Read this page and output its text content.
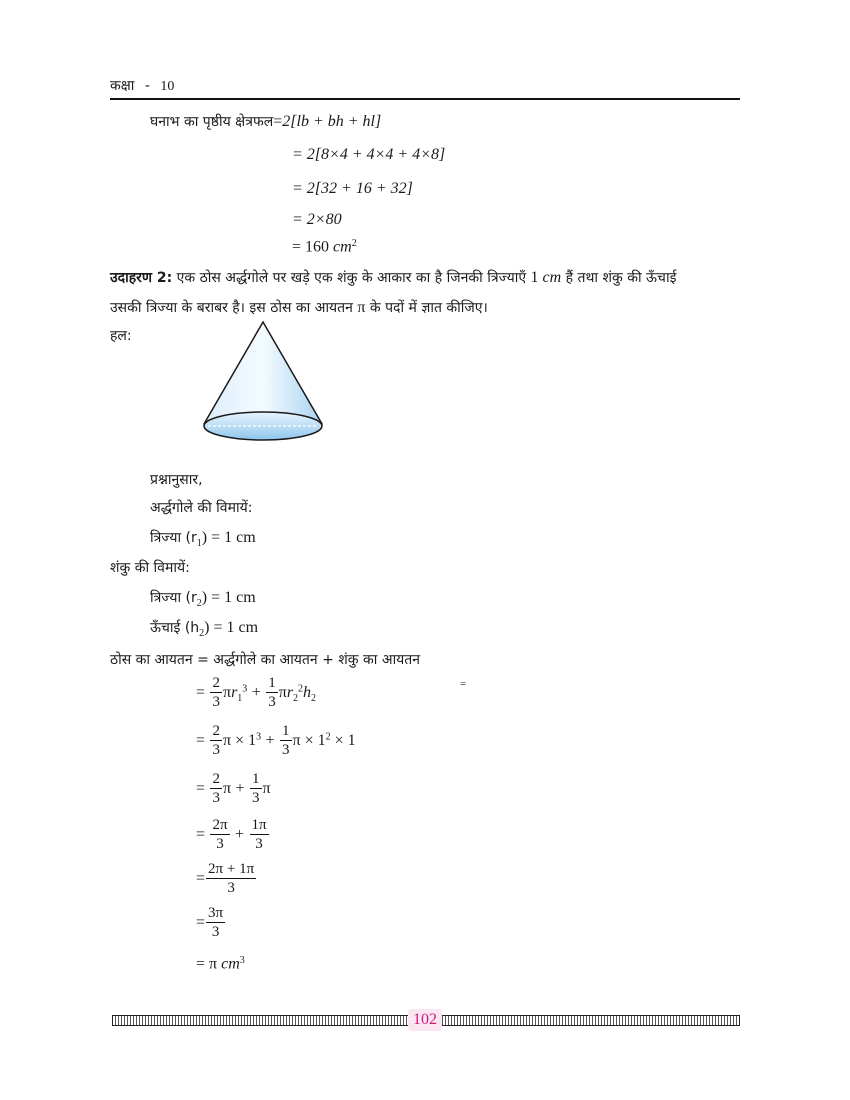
कक्षा - 10
घनाभ का पृष्ठीय क्षेत्रफल=2[lb + bh + hl]
= 2[8×4 + 4×4 + 4×8]
= 2[32 + 16 + 32]
= 2×80
= 160 $cm^2$
उदाहरण 2: एक ठोस अर्द्धगोले पर खड़े एक शंकु के आकार का है जिनकी त्रिज्याएँ 1 cm हैं तथा शंकु की ऊँचाई
उसकी त्रिज्या के बराबर है। इस ठोस का आयतन π के पदों में ज्ञात कीजिए।
हल:
प्रश्नानुसार,
अर्द्धगोले की विमायें:
त्रिज्या $(r_1) = 1$ cm
शंकु की विमायें:
त्रिज्या $(r_2) = 1$ cm
ऊँचाई $(h_2) = 1$ cm
ठोस का आयतन = अर्द्धगोले का आयतन + शंकु का आयतन
=
= $\frac{2}{3} \pi r_1^3 + \frac{1}{3} \pi r_2^2h_2$
= $\frac{2}{3}$ $\pi \times 1^3 + \frac{1}{3}$ $\pi \times 1^2 \times 1$
= $\frac{2}{3}$ $\pi + \frac{1}{3}$ π
= $\frac{2\pi}{3} + \frac{1\pi}{3}$
= $\frac{2\pi + 1\pi}{3}$
= $\frac{3\pi}{3}$
= π $cm^3$
102
